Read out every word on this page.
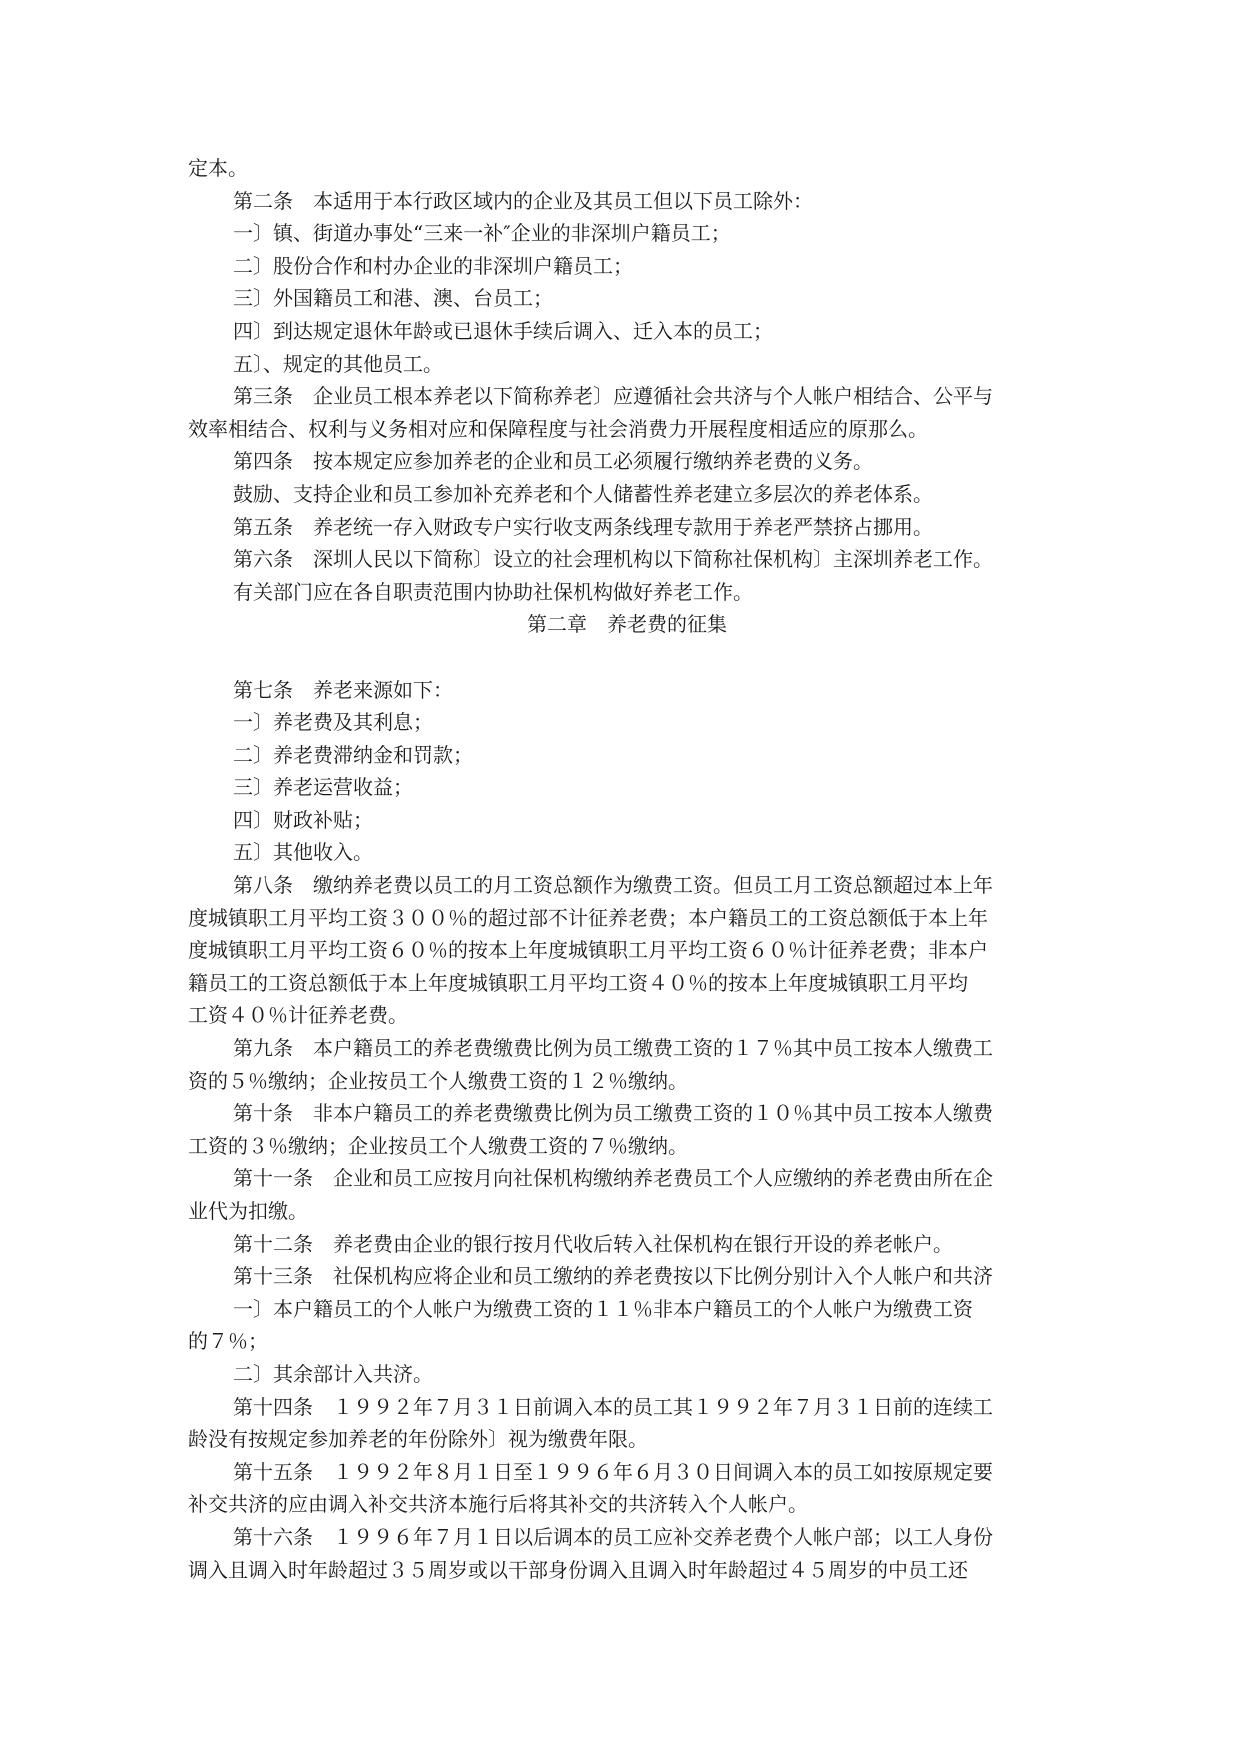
定本。
第二条　本适用于本行政区域内的企业及其员工但以下员工除外：
一〕镇、街道办事处“三来一补″企业的非深圳户籍员工；
二〕股份合作和村办企业的非深圳户籍员工；
三〕外国籍员工和港、澳、台员工；
四〕到达规定退休年龄或已退休手续后调入、迁入本的员工；
五〕、规定的其他员工。
第三条　企业员工根本养老以下简称养老〕应遵循社会共济与个人帐户相结合、公平与
效率相结合、权利与义务相对应和保障程度与社会消费力开展程度相适应的原那么。
第四条　按本规定应参加养老的企业和员工必须履行缴纳养老费的义务。
鼓励、支持企业和员工参加补充养老和个人储蓄性养老建立多层次的养老体系。
第五条　养老统一存入财政专户实行收支两条线理专款用于养老严禁挤占挪用。
第六条　深圳人民以下简称〕设立的社会理机构以下简称社保机构〕主深圳养老工作。
有关部门应在各自职责范围内协助社保机构做好养老工作。
第二章　养老费的征集
第七条　养老来源如下：
一〕养老费及其利息；
二〕养老费滞纳金和罚款；
三〕养老运营收益；
四〕财政补贴；
五〕其他收入。
第八条　缴纳养老费以员工的月工资总额作为缴费工资。但员工月工资总额超过本上年
度城镇职工月平均工资３００％的超过部不计征养老费；本户籍员工的工资总额低于本上年
度城镇职工月平均工资６０％的按本上年度城镇职工月平均工资６０％计征养老费；非本户
籍员工的工资总额低于本上年度城镇职工月平均工资４０％的按本上年度城镇职工月平均
工资４０％计征养老费。
第九条　本户籍员工的养老费缴费比例为员工缴费工资的１７％其中员工按本人缴费工
资的５％缴纳；企业按员工个人缴费工资的１２％缴纳。
第十条　非本户籍员工的养老费缴费比例为员工缴费工资的１０％其中员工按本人缴费
工资的３％缴纳；企业按员工个人缴费工资的７％缴纳。
第十一条　企业和员工应按月向社保机构缴纳养老费员工个人应缴纳的养老费由所在企
业代为扣缴。
第十二条　养老费由企业的银行按月代收后转入社保机构在银行开设的养老帐户。
第十三条　社保机构应将企业和员工缴纳的养老费按以下比例分别计入个人帐户和共济
一〕本户籍员工的个人帐户为缴费工资的１１％非本户籍员工的个人帐户为缴费工资
的７％；
二〕其余部计入共济。
第十四条　１９９２年７月３１日前调入本的员工其１９９２年７月３１日前的连续工
龄没有按规定参加养老的年份除外〕视为缴费年限。
第十五条　１９９２年８月１日至１９９６年６月３０日间调入本的员工如按原规定要
补交共济的应由调入补交共济本施行后将其补交的共济转入个人帐户。
第十六条　１９９６年７月１日以后调本的员工应补交养老费个人帐户部；以工人身份
调入且调入时年龄超过３５周岁或以干部身份调入且调入时年龄超过４５周岁的中员工还
